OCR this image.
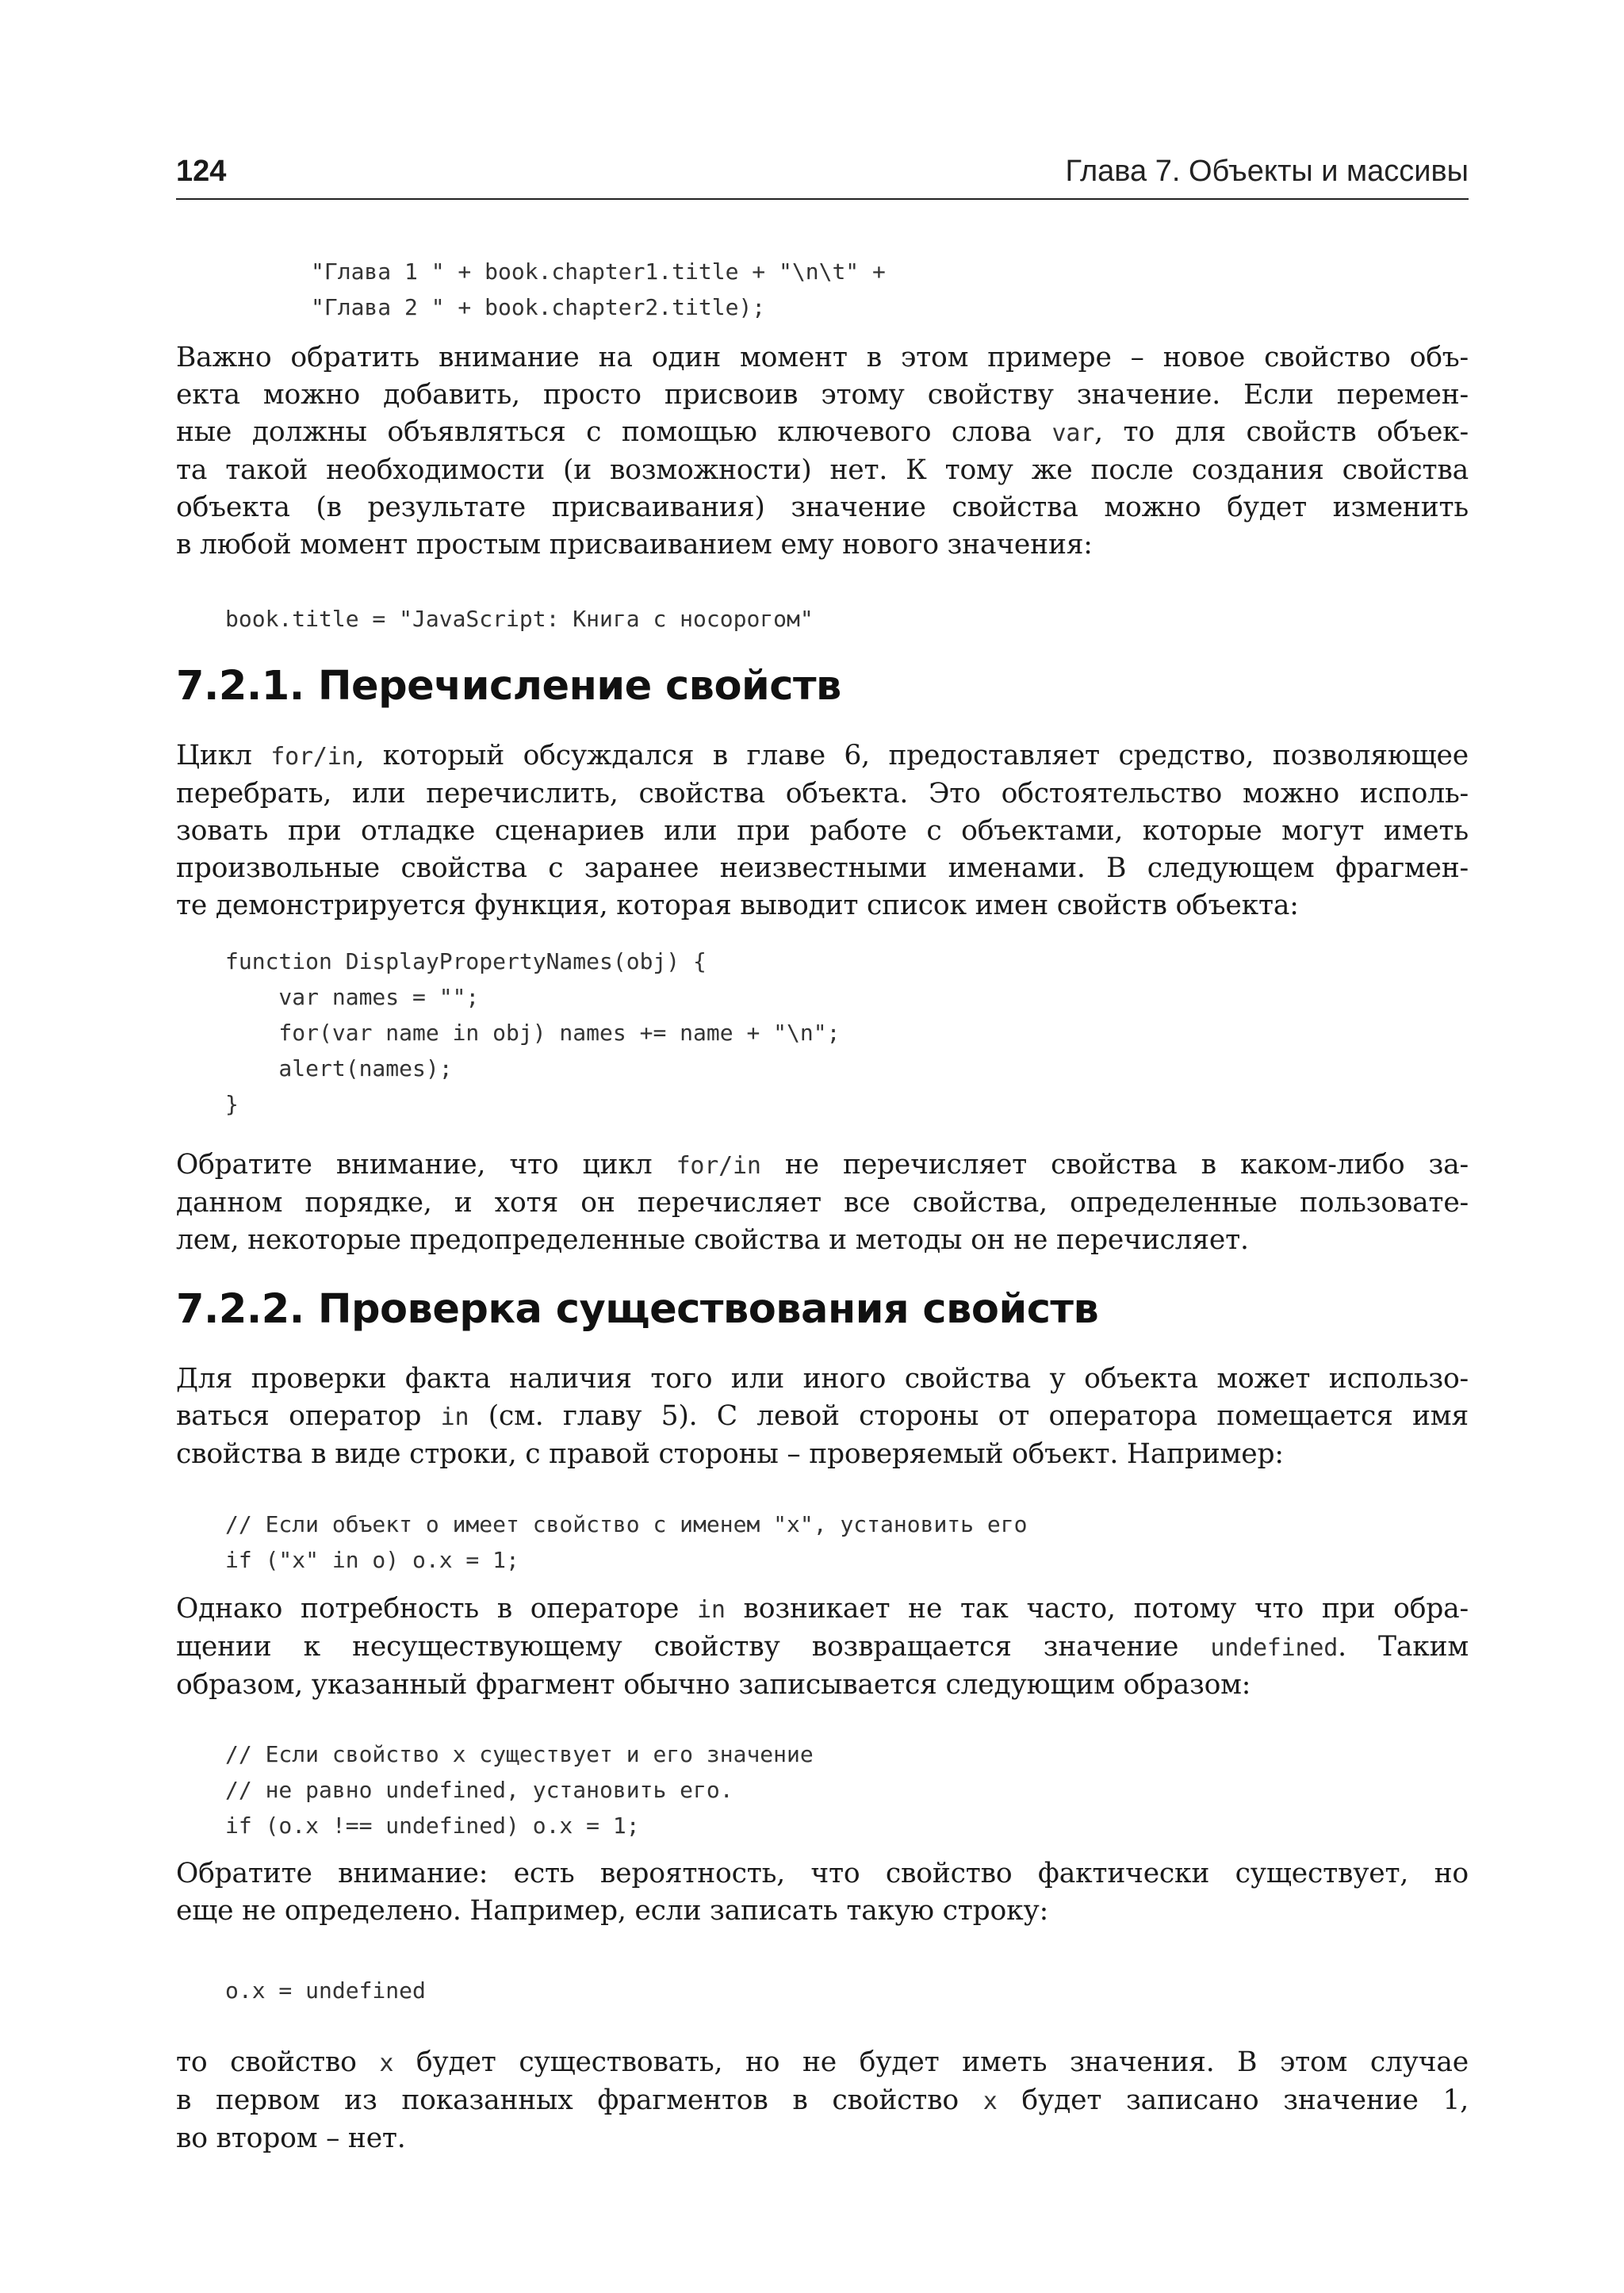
124	Глава 7. Объекты и массивы
"Глава 1 " + book.chapter1.title + "\n\t" +
"Глава 2 " + book.chapter2.title);
Важно обратить внимание на один момент в этом примере – новое свойство объ-
екта можно добавить, просто присвоив этому свойству значение. Если перемен-
ные должны объявляться с помощью ключевого слова var, то для свойств объек-
та такой необходимости (и возможности) нет. К тому же после создания свойства
объекта (в результате присваивания) значение свойства можно будет изменить
в любой момент простым присваиванием ему нового значения:
book.title = "JavaScript: Книга с носорогом"
7.2.1. Перечисление свойств
Цикл for/in, который обсуждался в главе 6, предоставляет средство, позволяющее
перебрать, или перечислить, свойства объекта. Это обстоятельство можно исполь-
зовать при отладке сценариев или при работе с объектами, которые могут иметь
произвольные свойства с заранее неизвестными именами. В следующем фрагмен-
те демонстрируется функция, которая выводит список имен свойств объекта:
function DisplayPropertyNames(obj) {
var names = "";
for(var name in obj) names += name + "\n";
alert(names);
}
Обратите внимание, что цикл for/in не перечисляет свойства в каком-либо за-
данном порядке, и хотя он перечисляет все свойства, определенные пользовате-
лем, некоторые предопределенные свойства и методы он не перечисляет.
7.2.2. Проверка существования свойств
Для проверки факта наличия того или иного свойства у объекта может использо-
ваться оператор in (см. главу 5). С левой стороны от оператора помещается имя
свойства в виде строки, с правой стороны – проверяемый объект. Например:
// Если объект o имеет свойство с именем "x", установить его
if ("x" in o) o.x = 1;
Однако потребность в операторе in возникает не так часто, потому что при обра-
щении к несуществующему свойству возвращается значение undefined. Таким
образом, указанный фрагмент обычно записывается следующим образом:
// Если свойство x существует и его значение
// не равно undefined, установить его.
if (o.x !== undefined) o.x = 1;
Обратите внимание: есть вероятность, что свойство фактически существует, но
еще не определено. Например, если записать такую строку:
o.x = undefined
то свойство x будет существовать, но не будет иметь значения. В этом случае
в первом из показанных фрагментов в свойство x будет записано значение 1,
во втором – нет.
